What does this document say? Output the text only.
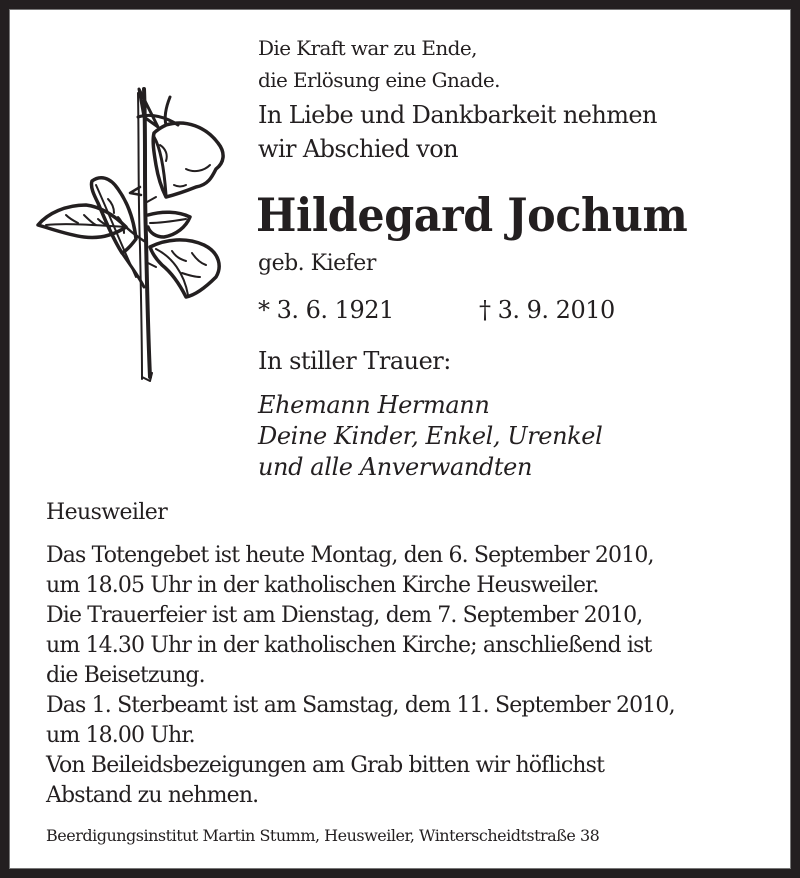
Die Kraft war zu Ende,
die Erlösung eine Gnade.
In Liebe und Dankbarkeit nehmen
wir Abschied von
Hildegard Jochum
geb. Kiefer
* 3. 6. 1921	† 3. 9. 2010
In stiller Trauer:
Ehemann Hermann
Deine Kinder, Enkel, Urenkel
und alle Anverwandten
Heusweiler
Das Totengebet ist heute Montag, den 6. September 2010,
um 18.05 Uhr in der katholischen Kirche Heusweiler.
Die Trauerfeier ist am Dienstag, dem 7. September 2010,
um 14.30 Uhr in der katholischen Kirche; anschließend ist
die Beisetzung.
Das 1. Sterbeamt ist am Samstag, dem 11. September 2010,
um 18.00 Uhr.
Von Beileidsbezeigungen am Grab bitten wir höflichst
Abstand zu nehmen.
Beerdigungsinstitut Martin Stumm, Heusweiler, Winterscheidtstraße 38
